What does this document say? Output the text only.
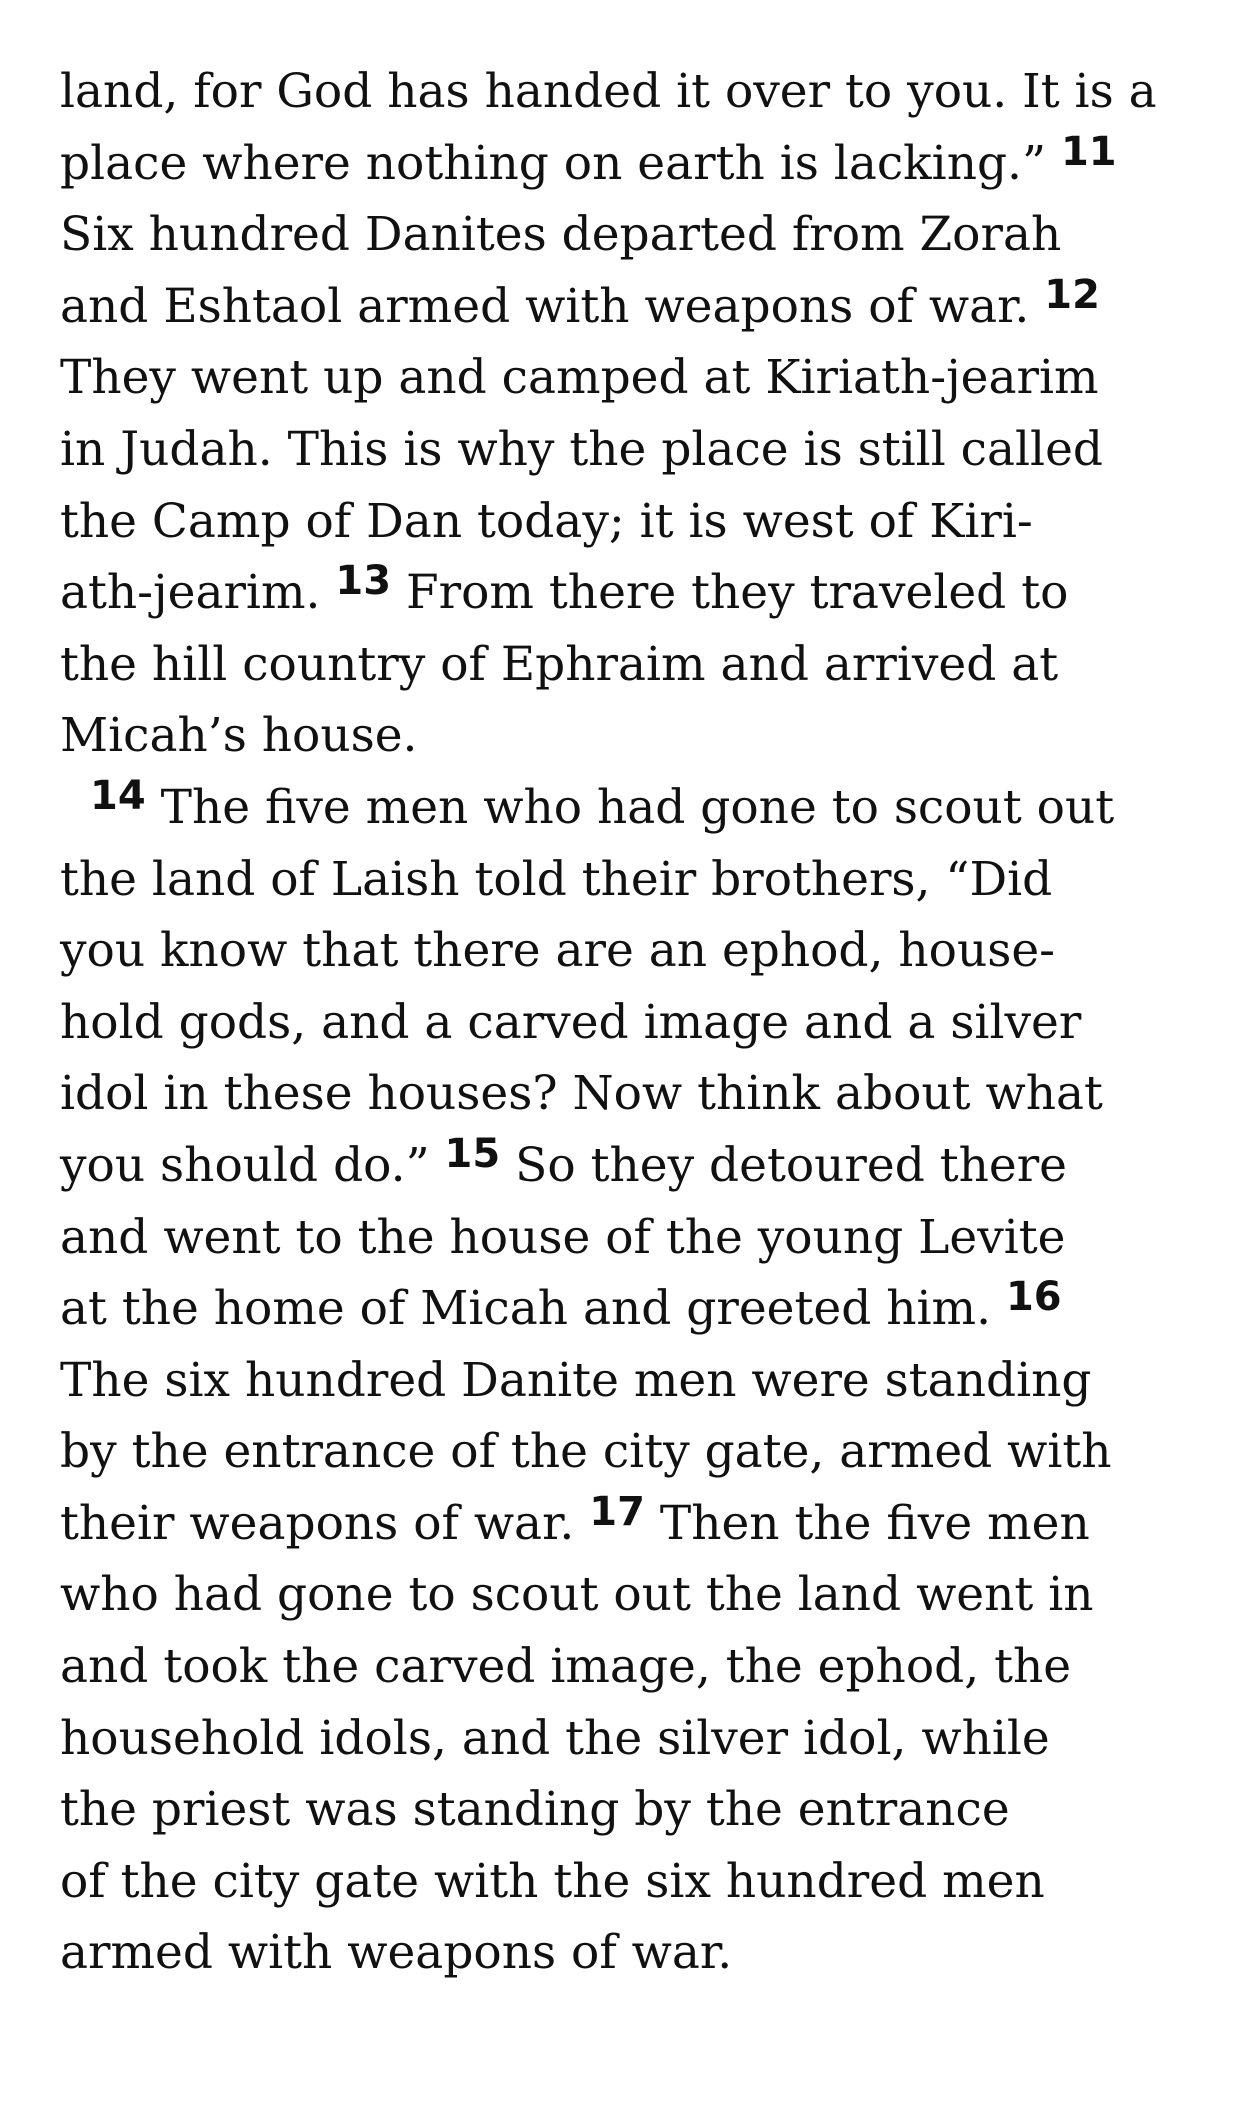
land, for God has handed it over to you. It is a
place where nothing on earth is lacking.” 11
Six hundred Danites departed from Zorah
and Eshtaol armed with weapons of war. 12
They went up and camped at Kiriath-jearim
in Judah. This is why the place is still called
the Camp of Dan today; it is west of Kiri-
ath-jearim. 13 From there they traveled to
the hill country of Ephraim and arrived at
Micah’s house.
14 The five men who had gone to scout out
the land of Laish told their brothers, “Did
you know that there are an ephod, house-
hold gods, and a carved image and a silver
idol in these houses? Now think about what
you should do.” 15 So they detoured there
and went to the house of the young Levite
at the home of Micah and greeted him. 16
The six hundred Danite men were standing
by the entrance of the city gate, armed with
their weapons of war. 17 Then the five men
who had gone to scout out the land went in
and took the carved image, the ephod, the
household idols, and the silver idol, while
the priest was standing by the entrance
of the city gate with the six hundred men
armed with weapons of war.
